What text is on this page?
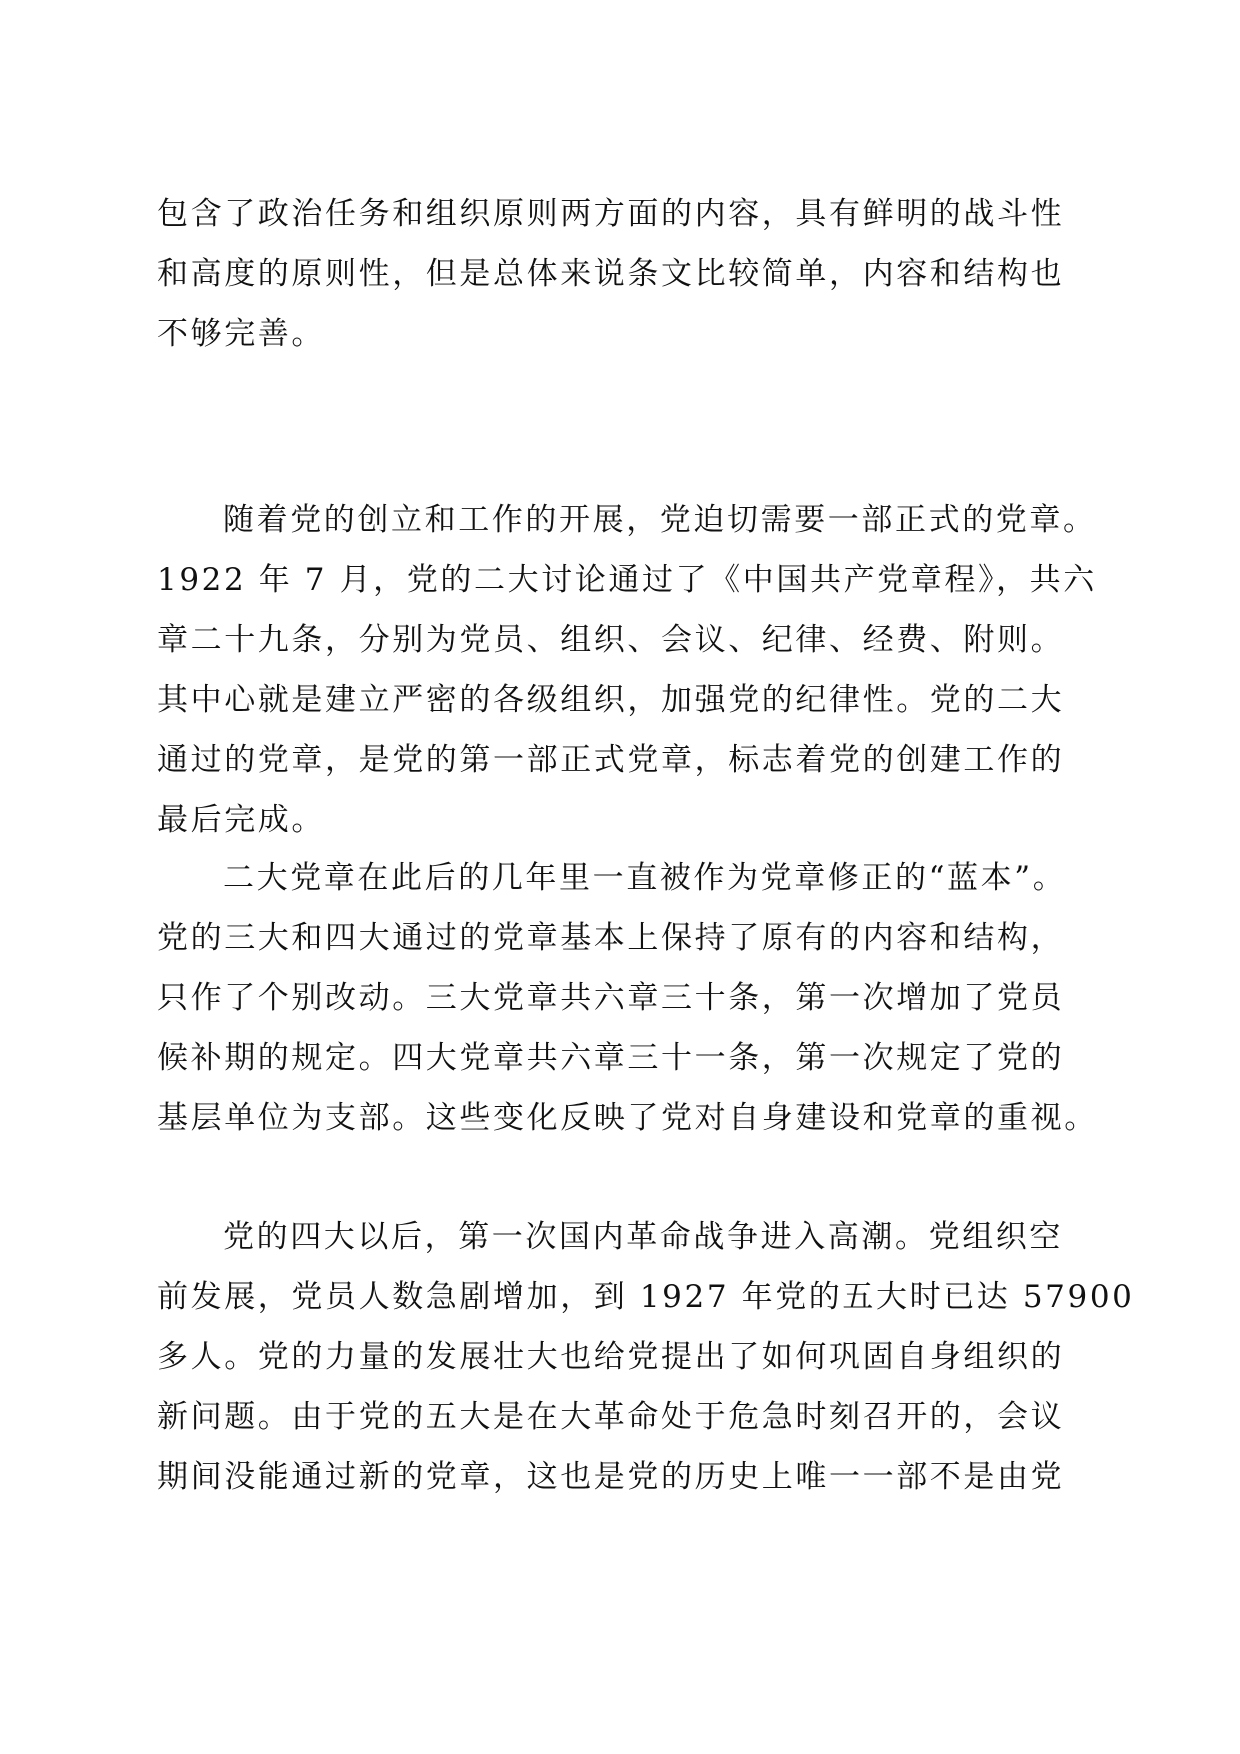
包含了政治任务和组织原则两方面的内容，具有鲜明的战斗性
和高度的原则性，但是总体来说条文比较简单，内容和结构也
不够完善。
随着党的创立和工作的开展，党迫切需要一部正式的党章。
1922 年 7 月，党的二大讨论通过了《中国共产党章程》，共六
章二十九条，分别为党员、组织、会议、纪律、经费、附则。
其中心就是建立严密的各级组织，加强党的纪律性。党的二大
通过的党章，是党的第一部正式党章，标志着党的创建工作的
最后完成。
二大党章在此后的几年里一直被作为党章修正的“蓝本”。
党的三大和四大通过的党章基本上保持了原有的内容和结构，
只作了个别改动。三大党章共六章三十条，第一次增加了党员
候补期的规定。四大党章共六章三十一条，第一次规定了党的
基层单位为支部。这些变化反映了党对自身建设和党章的重视。
党的四大以后，第一次国内革命战争进入高潮。党组织空
前发展，党员人数急剧增加，到 1927 年党的五大时已达 57900
多人。党的力量的发展壮大也给党提出了如何巩固自身组织的
新问题。由于党的五大是在大革命处于危急时刻召开的，会议
期间没能通过新的党章，这也是党的历史上唯一一部不是由党
